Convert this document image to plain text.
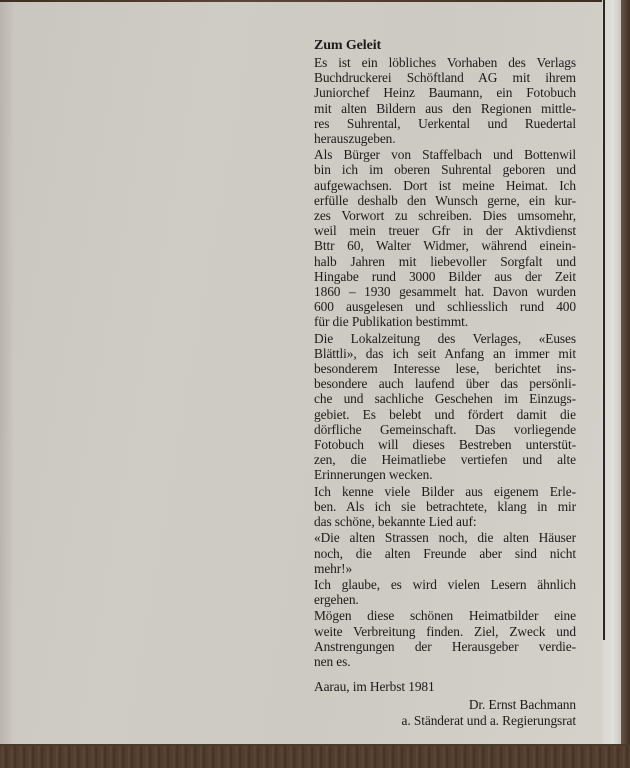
Zum Geleit
Es ist ein löbliches Vorhaben des Verlags
Buchdruckerei Schöftland AG mit ihrem
Juniorchef Heinz Baumann, ein Fotobuch
mit alten Bildern aus den Regionen mittle-
res Suhrental, Uerkental und Ruedertal
herauszugeben.
Als Bürger von Staffelbach und Bottenwil
bin ich im oberen Suhrental geboren und
aufgewachsen. Dort ist meine Heimat. Ich
erfülle deshalb den Wunsch gerne, ein kur-
zes Vorwort zu schreiben. Dies umsomehr,
weil mein treuer Gfr in der Aktivdienst
Bttr 60, Walter Widmer, während einein-
halb Jahren mit liebevoller Sorgfalt und
Hingabe rund 3000 Bilder aus der Zeit
1860 – 1930 gesammelt hat. Davon wurden
600 ausgelesen und schliesslich rund 400
für die Publikation bestimmt.
Die Lokalzeitung des Verlages, «Euses
Blättli», das ich seit Anfang an immer mit
besonderem Interesse lese, berichtet ins-
besondere auch laufend über das persönli-
che und sachliche Geschehen im Einzugs-
gebiet. Es belebt und fördert damit die
dörfliche Gemeinschaft. Das vorliegende
Fotobuch will dieses Bestreben unterstüt-
zen, die Heimatliebe vertiefen und alte
Erinnerungen wecken.
Ich kenne viele Bilder aus eigenem Erle-
ben. Als ich sie betrachtete, klang in mir
das schöne, bekannte Lied auf:
«Die alten Strassen noch, die alten Häuser
noch, die alten Freunde aber sind nicht
mehr!»
Ich glaube, es wird vielen Lesern ähnlich
ergehen.
Mögen diese schönen Heimatbilder eine
weite Verbreitung finden. Ziel, Zweck und
Anstrengungen der Herausgeber verdie-
nen es.
Aarau, im Herbst 1981
Dr. Ernst Bachmann
a. Ständerat und a. Regierungsrat
